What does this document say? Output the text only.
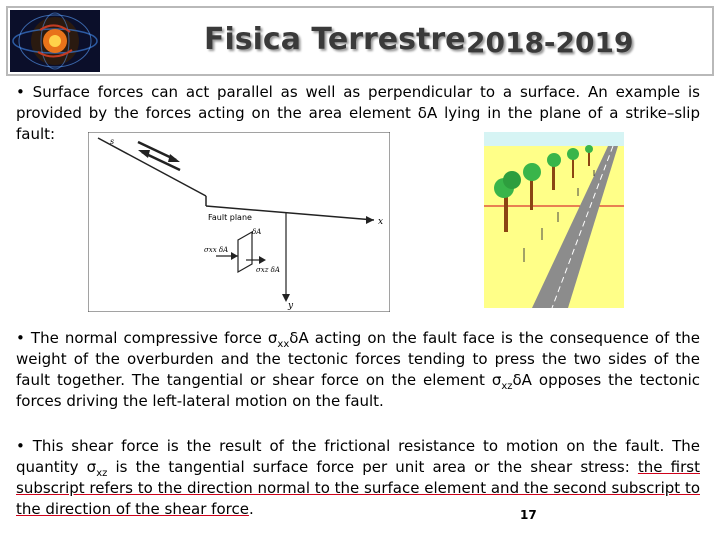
Fisica Terrestre 2018-2019
• Surface forces can act parallel as well as perpendicular to a surface. An example is provided by the forces acting on the area element δA lying in the plane of a strike–slip fault:	s
x
y
Fault plane
δA
σxx δA
σxz δA
• The normal compressive force $\sigma_{xx}\delta A$ acting on the fault face is the consequence of the weight of the overburden and the tectonic forces tending to press the two sides of the fault together. The tangential or shear force on the element $\sigma_{xz}\delta A$ opposes the tectonic forces driving the left-lateral motion on the fault.
• This shear force is the result of the frictional resistance to motion on the fault. The quantity $\sigma_{xz}$ is the tangential surface force per unit area or the shear stress: the first subscript refers to the direction normal to the surface element and the second subscript to the direction of the shear force.	17
